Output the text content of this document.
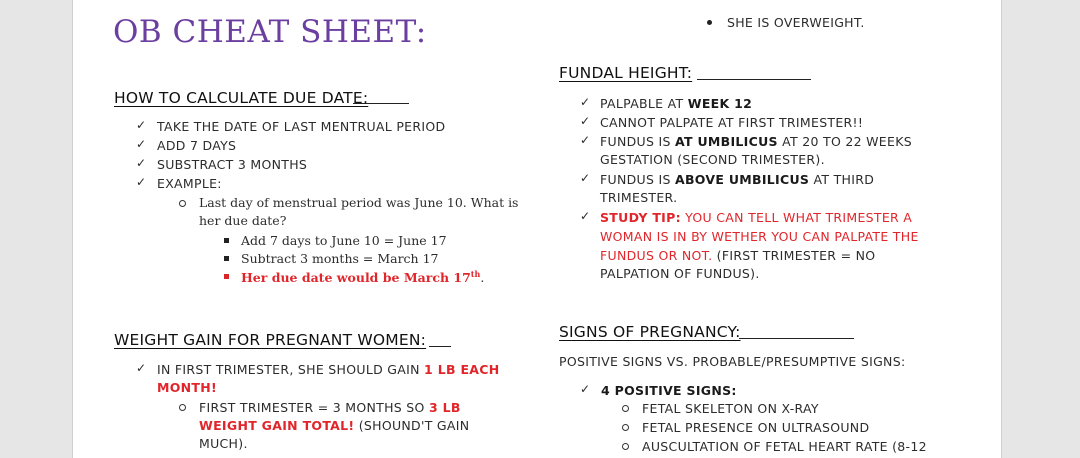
OB CHEAT SHEET:
HOW TO CALCULATE DUE DATE:
✓ TAKE THE DATE OF LAST MENTRUAL PERIOD
✓ ADD 7 DAYS
✓ SUBSTRACT 3 MONTHS
✓ EXAMPLE:
Last day of menstrual period was June 10. What is
her due date?
Add 7 days to June 10 = June 17
Subtract 3 months = March 17
Her due date would be March 17th.
WEIGHT GAIN FOR PREGNANT WOMEN:
✓ IN FIRST TRIMESTER, SHE SHOULD GAIN 1 LB EACH
MONTH!
FIRST TRIMESTER = 3 MONTHS SO 3 LB
WEIGHT GAIN TOTAL! (SHOUND'T GAIN
MUCH).
SHE IS OVERWEIGHT.
FUNDAL HEIGHT:
✓ PALPABLE AT WEEK 12
✓ CANNOT PALPATE AT FIRST TRIMESTER!!
✓ FUNDUS IS AT UMBILICUS AT 20 TO 22 WEEKS
GESTATION (SECOND TRIMESTER).
✓ FUNDUS IS ABOVE UMBILICUS AT THIRD
TRIMESTER.
✓ STUDY TIP: YOU CAN TELL WHAT TRIMESTER A
WOMAN IS IN BY WETHER YOU CAN PALPATE THE
FUNDUS OR NOT. (FIRST TRIMESTER = NO
PALPATION OF FUNDUS).
SIGNS OF PREGNANCY:
POSITIVE SIGNS VS. PROBABLE/PRESUMPTIVE SIGNS:
✓ 4 POSITIVE SIGNS:
FETAL SKELETON ON X-RAY
FETAL PRESENCE ON ULTRASOUND
AUSCULTATION OF FETAL HEART RATE (8-12
